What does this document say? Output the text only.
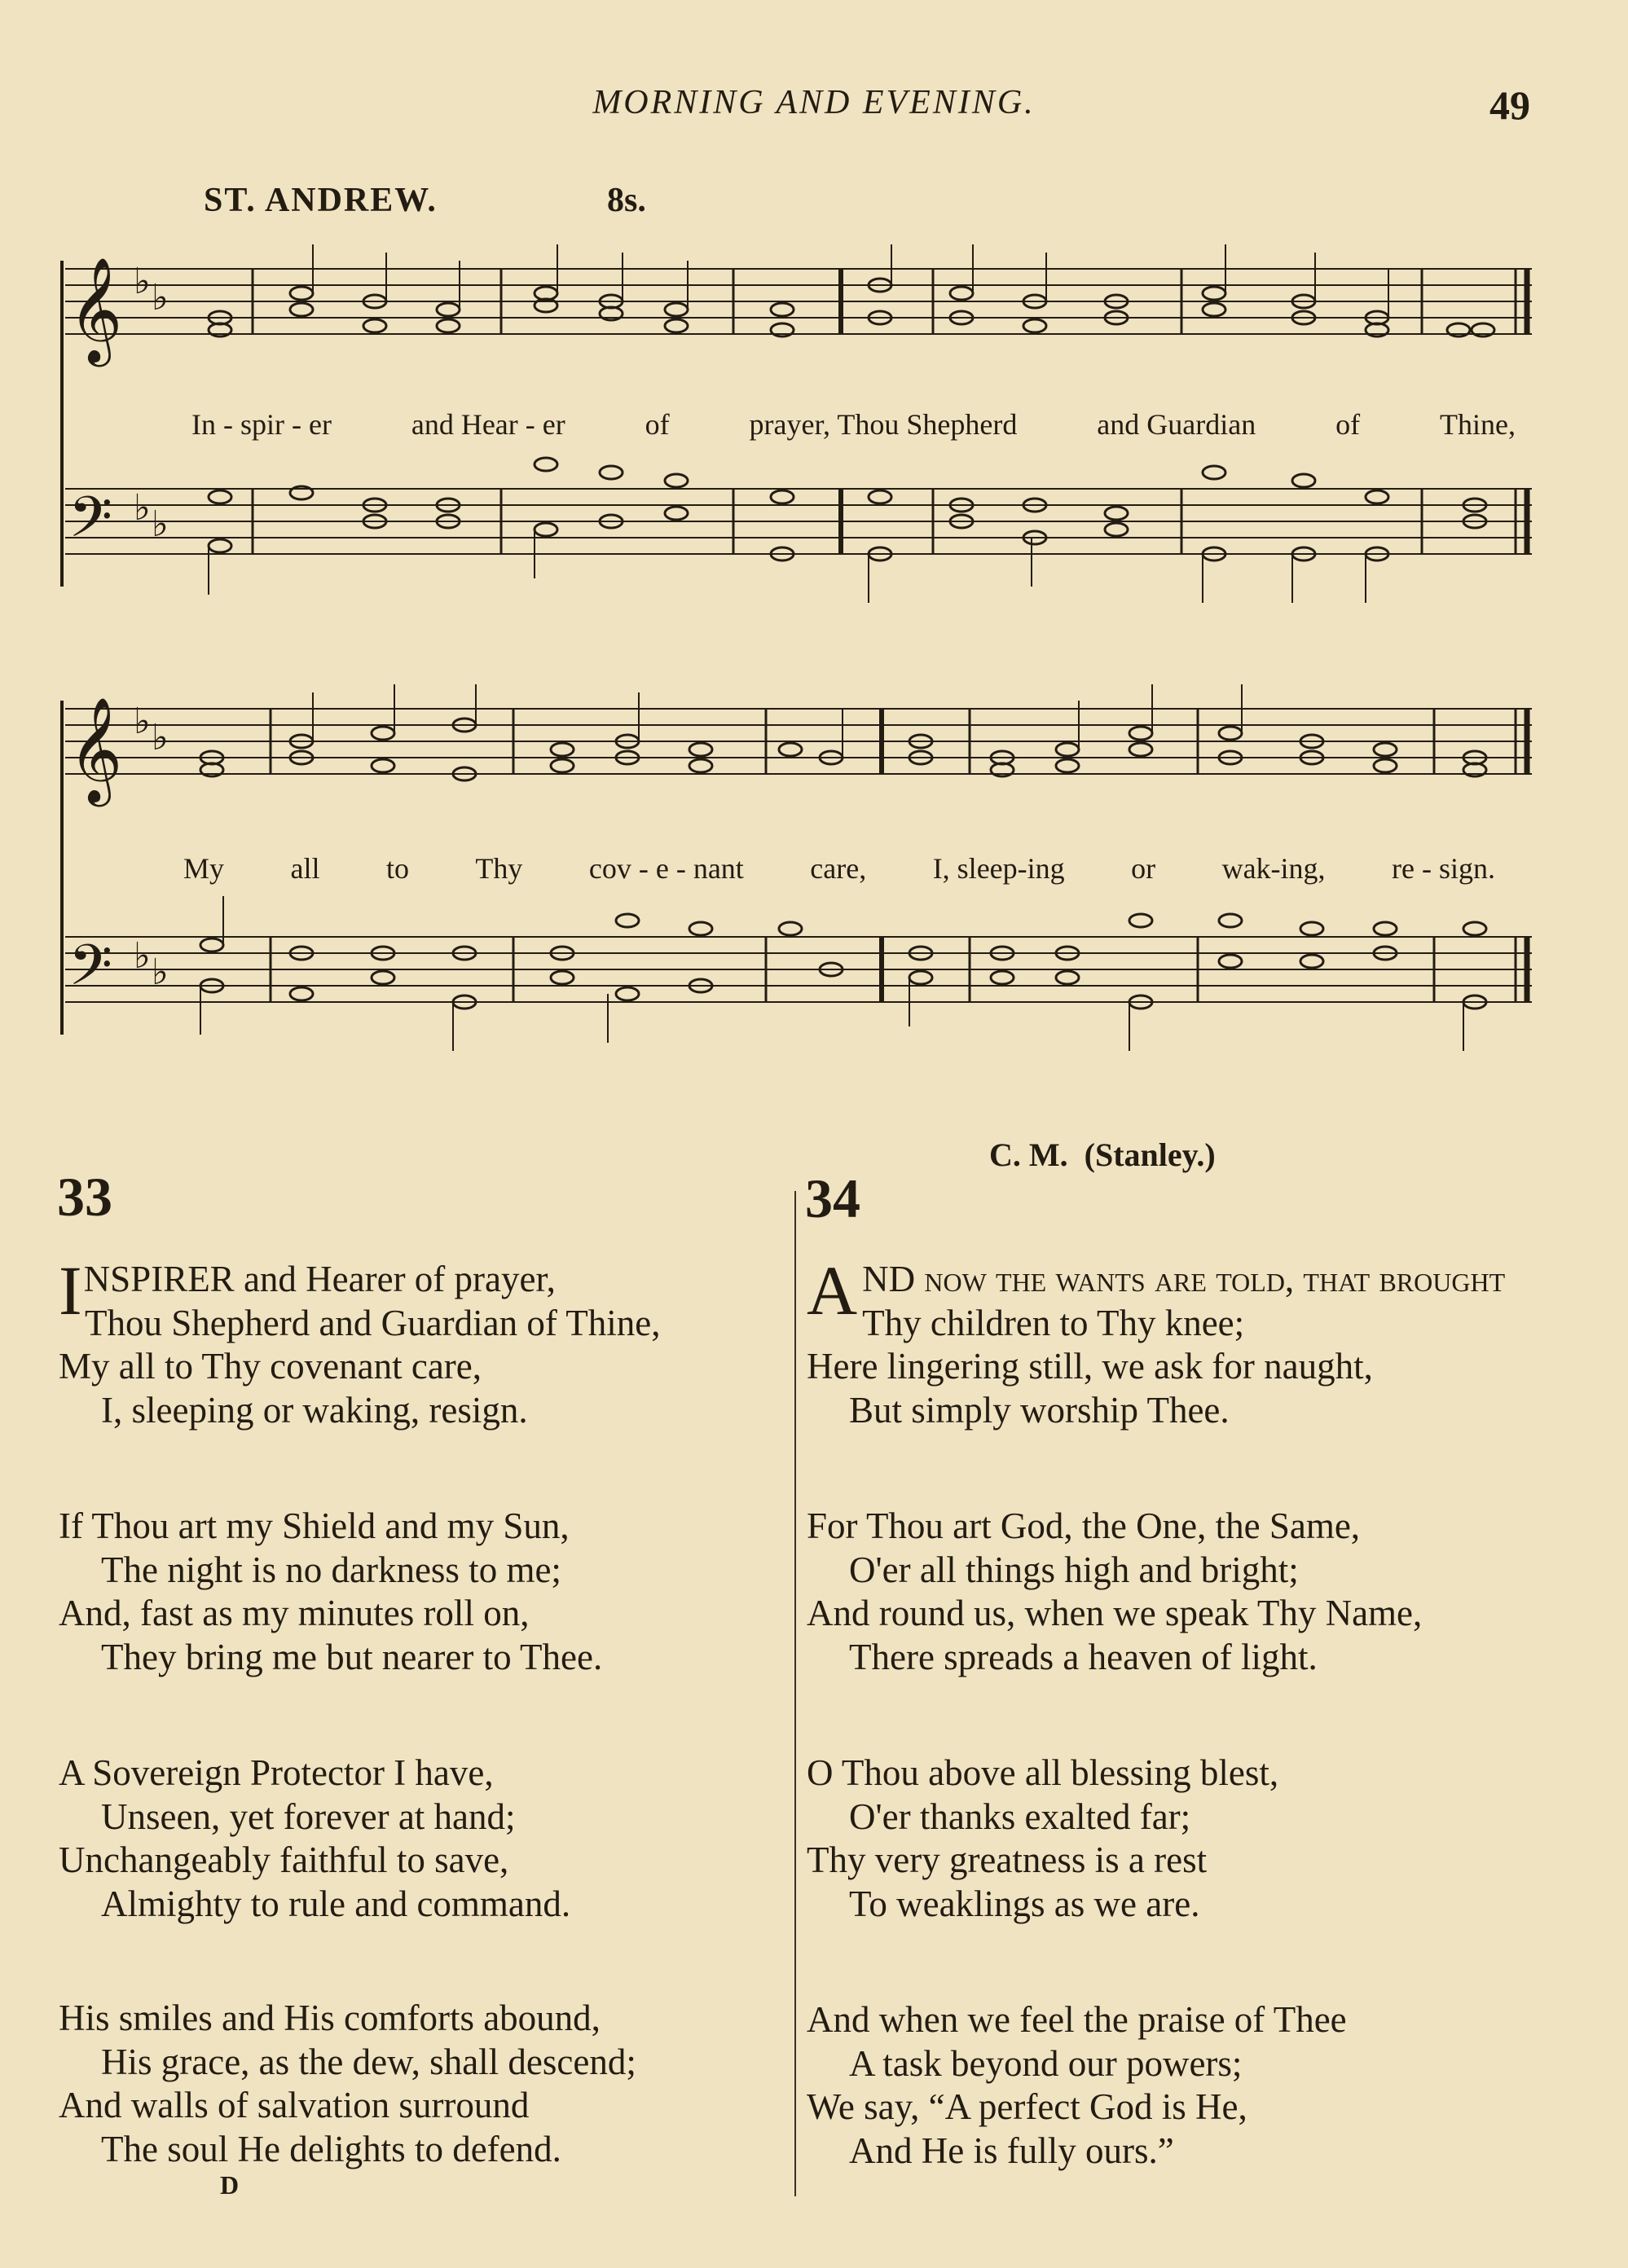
MORNING AND EVENING.	49
ST. ANDREW.	8s.
𝄞
𝄢
♭ ♭
♭ ♭
In - spir - er	and Hear - er	of	prayer, Thou Shepherd	and Guardian	of	Thine,
𝄞
𝄢
♭ ♭
♭ ♭
My all to Thy cov - e - nant care, I, sleep-ing or wak-ing, re - sign.
33
C. M.  (Stanley.)
34
INSPIRER and Hearer of prayer,
Thou Shepherd and Guardian of Thine,
My all to Thy covenant care,
I, sleeping or waking, resign.
If Thou art my Shield and my Sun,
The night is no darkness to me;
And, fast as my minutes roll on,
They bring me but nearer to Thee.
A Sovereign Protector I have,
Unseen, yet forever at hand;
Unchangeably faithful to save,
Almighty to rule and command.
His smiles and His comforts abound,
His grace, as the dew, shall descend;
And walls of salvation surround
The soul He delights to defend.
AND now the wants are told, that brought
Thy children to Thy knee;
Here lingering still, we ask for naught,
But simply worship Thee.
For Thou art God, the One, the Same,
O'er all things high and bright;
And round us, when we speak Thy Name,
There spreads a heaven of light.
O Thou above all blessing blest,
O'er thanks exalted far;
Thy very greatness is a rest
To weaklings as we are.
And when we feel the praise of Thee
A task beyond our powers;
We say, “A perfect God is He,
And He is fully ours.”
D
